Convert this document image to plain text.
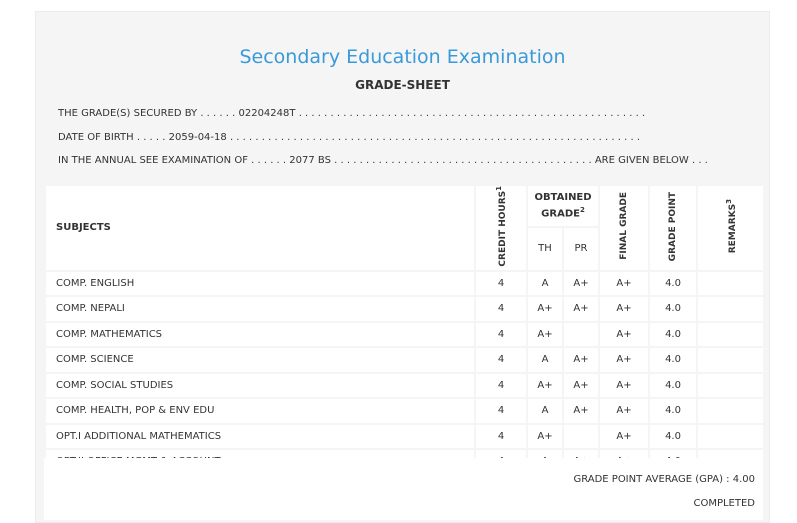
Secondary Education Examination
GRADE-SHEET
THE GRADE(S) SECURED BY . . . . . . 02204248T . . . . . . . . . . . . . . . . . . . . . . . . . . . . . . . . . . . . . . . . . . . . . . . . . . . . . . .
DATE OF BIRTH . . . . . 2059-04-18 . . . . . . . . . . . . . . . . . . . . . . . . . . . . . . . . . . . . . . . . . . . . . . . . . . . . . . . . . . . . . . . . .
IN THE ANNUAL SEE EXAMINATION OF . . . . . . 2077 BS . . . . . . . . . . . . . . . . . . . . . . . . . . . . . . . . . . . . . . . . . ARE GIVEN BELOW . . .
SUBJECTS	CREDIT HOURS$^1$	OBTAINED GRADE$^2$		FINAL GRADE	GRADE POINT	REMARKS$^3$
		TH	PR			
COMP. ENGLISH	4	A	A+	A+	4.0	
COMP. NEPALI	4	A+	A+	A+	4.0	
COMP. MATHEMATICS	4	A+		A+	4.0	
COMP. SCIENCE	4	A	A+	A+	4.0	
COMP. SOCIAL STUDIES	4	A+	A+	A+	4.0	
COMP. HEALTH, POP & ENV EDU	4	A	A+	A+	4.0	
OPT.I ADDITIONAL MATHEMATICS	4	A+		A+	4.0	

GRADE POINT AVERAGE (GPA) : 4.00
COMPLETED
